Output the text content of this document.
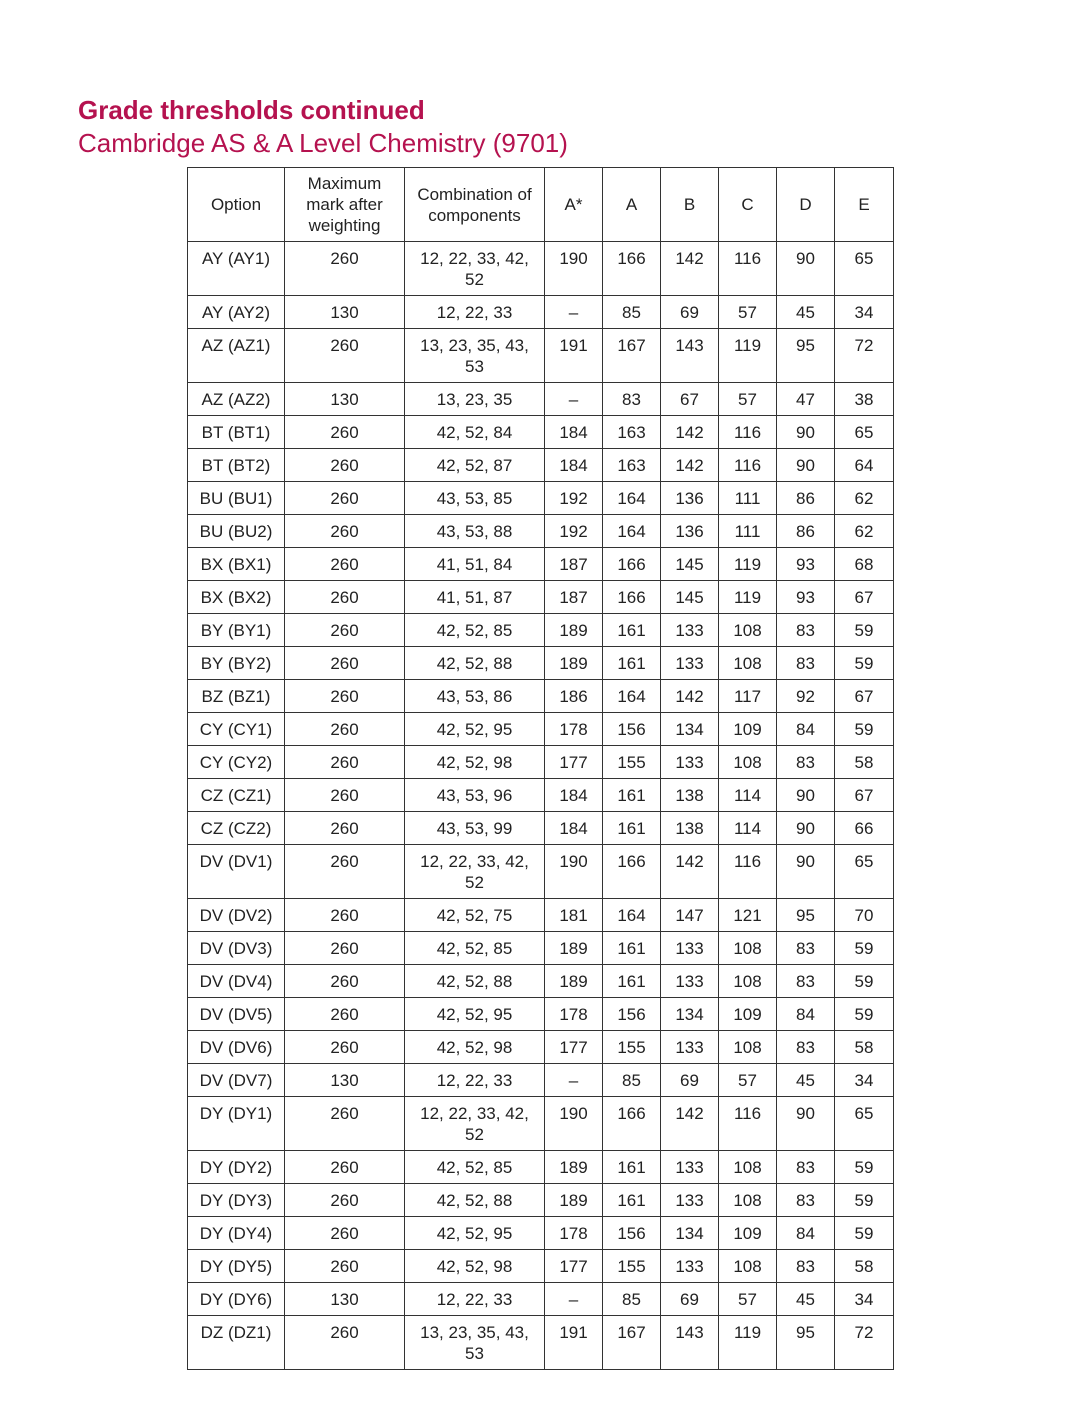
Grade thresholds continued
Cambridge AS & A Level Chemistry (9701)
Option	Maximum mark after weighting	Combination of components	A*	A	B	C	D	E
AY (AY1)	260	12, 22, 33, 42, 52	190	166	142	116	90	65
AY (AY2)	130	12, 22, 33	–	85	69	57	45	34
AZ (AZ1)	260	13, 23, 35, 43, 53	191	167	143	119	95	72
AZ (AZ2)	130	13, 23, 35	–	83	67	57	47	38
BT (BT1)	260	42, 52, 84	184	163	142	116	90	65
BT (BT2)	260	42, 52, 87	184	163	142	116	90	64
BU (BU1)	260	43, 53, 85	192	164	136	111	86	62
BU (BU2)	260	43, 53, 88	192	164	136	111	86	62
BX (BX1)	260	41, 51, 84	187	166	145	119	93	68
BX (BX2)	260	41, 51, 87	187	166	145	119	93	67
BY (BY1)	260	42, 52, 85	189	161	133	108	83	59
BY (BY2)	260	42, 52, 88	189	161	133	108	83	59
BZ (BZ1)	260	43, 53, 86	186	164	142	117	92	67
CY (CY1)	260	42, 52, 95	178	156	134	109	84	59
CY (CY2)	260	42, 52, 98	177	155	133	108	83	58
CZ (CZ1)	260	43, 53, 96	184	161	138	114	90	67
CZ (CZ2)	260	43, 53, 99	184	161	138	114	90	66
DV (DV1)	260	12, 22, 33, 42, 52	190	166	142	116	90	65
DV (DV2)	260	42, 52, 75	181	164	147	121	95	70
DV (DV3)	260	42, 52, 85	189	161	133	108	83	59
DV (DV4)	260	42, 52, 88	189	161	133	108	83	59
DV (DV5)	260	42, 52, 95	178	156	134	109	84	59
DV (DV6)	260	42, 52, 98	177	155	133	108	83	58
DV (DV7)	130	12, 22, 33	–	85	69	57	45	34
DY (DY1)	260	12, 22, 33, 42, 52	190	166	142	116	90	65
DY (DY2)	260	42, 52, 85	189	161	133	108	83	59
DY (DY3)	260	42, 52, 88	189	161	133	108	83	59
DY (DY4)	260	42, 52, 95	178	156	134	109	84	59
DY (DY5)	260	42, 52, 98	177	155	133	108	83	58
DY (DY6)	130	12, 22, 33	–	85	69	57	45	34
DZ (DZ1)	260	13, 23, 35, 43, 53	191	167	143	119	95	72
